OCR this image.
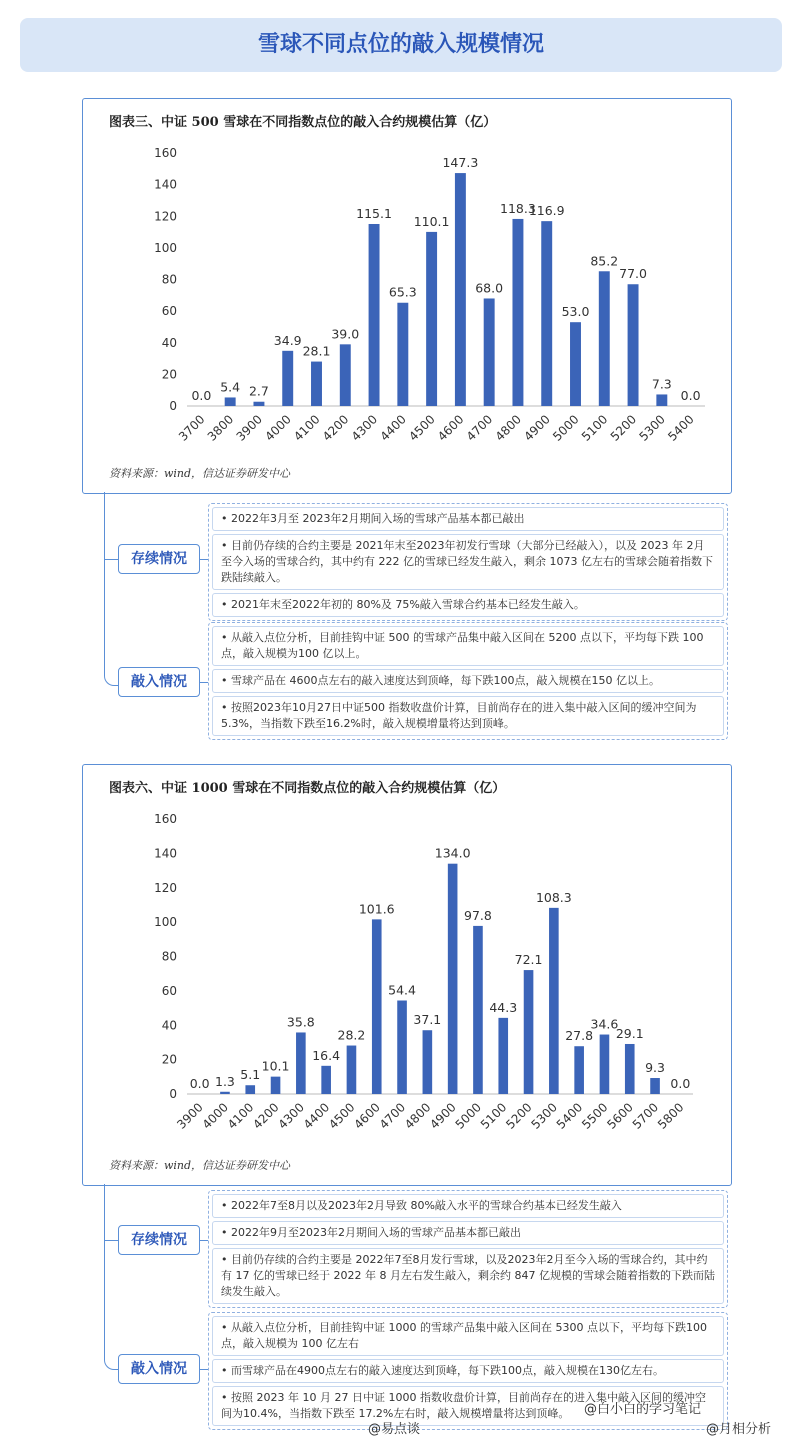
雪球不同点位的敲入规模情况
图表三、中证 500 雪球在不同指数点位的敲入合约规模估算（亿）
0
20
40
60
80
100
120
140
160
0.0
3700
5.4
3800
2.7
3900
34.9
4000
28.1
4100
39.0
4200
115.1
4300
65.3
4400
110.1
4500
147.3
4600
68.0
4700
118.3
4800
116.9
4900
53.0
5000
85.2
5100
77.0
5200
7.3
5300
0.0
5400
资料来源：wind，信达证券研发中心
存续情况
• 2022年3月至 2023年2月期间入场的雪球产品基本都已敲出
• 目前仍存续的合约主要是 2021年末至2023年初发行雪球（大部分已经敲入），以及 2023 年 2月至今入场的雪球合约，其中约有 222 亿的雪球已经发生敲入，剩余 1073 亿左右的雪球会随着指数下跌陆续敲入。
• 2021年末至2022年初的 80%及 75%敲入雪球合约基本已经发生敲入。
敲入情况
• 从敲入点位分析，目前挂钩中证 500 的雪球产品集中敲入区间在 5200 点以下，平均每下跌 100点，敲入规模为100 亿以上。
• 雪球产品在 4600点左右的敲入速度达到顶峰，每下跌100点，敲入规模在150 亿以上。
• 按照2023年10月27日中证500 指数收盘价计算，目前尚存在的进入集中敲入区间的缓冲空间为5.3%，当指数下跌至16.2%时，敲入规模增量将达到顶峰。
图表六、中证 1000 雪球在不同指数点位的敲入合约规模估算（亿）
0
20
40
60
80
100
120
140
160
0.0
3900
1.3
4000
5.1
4100
10.1
4200
35.8
4300
16.4
4400
28.2
4500
101.6
4600
54.4
4700
37.1
4800
134.0
4900
97.8
5000
44.3
5100
72.1
5200
108.3
5300
27.8
5400
34.6
5500
29.1
5600
9.3
5700
0.0
5800
资料来源：wind，信达证券研发中心
存续情况
• 2022年7至8月以及2023年2月导致 80%敲入水平的雪球合约基本已经发生敲入
• 2022年9月至2023年2月期间入场的雪球产品基本都已敲出
• 目前仍存续的合约主要是 2022年7至8月发行雪球，以及2023年2月至今入场的雪球合约，其中约有 17 亿的雪球已经于 2022 年 8 月左右发生敲入，剩余约 847 亿规模的雪球会随着指数的下跌而陆续发生敲入。
敲入情况
• 从敲入点位分析，目前挂钩中证 1000 的雪球产品集中敲入区间在 5300 点以下，平均每下跌100 点，敲入规模为 100 亿左右
• 而雪球产品在4900点左右的敲入速度达到顶峰，每下跌100点，敲入规模在130亿左右。
• 按照 2023 年 10 月 27 日中证 1000 指数收盘价计算，目前尚存在的进入集中敲入区间的缓冲空间为10.4%，当指数下跌至 17.2%左右时，敲入规模增量将达到顶峰。	@白小白的学习笔记
@月相分析
@易点谈
